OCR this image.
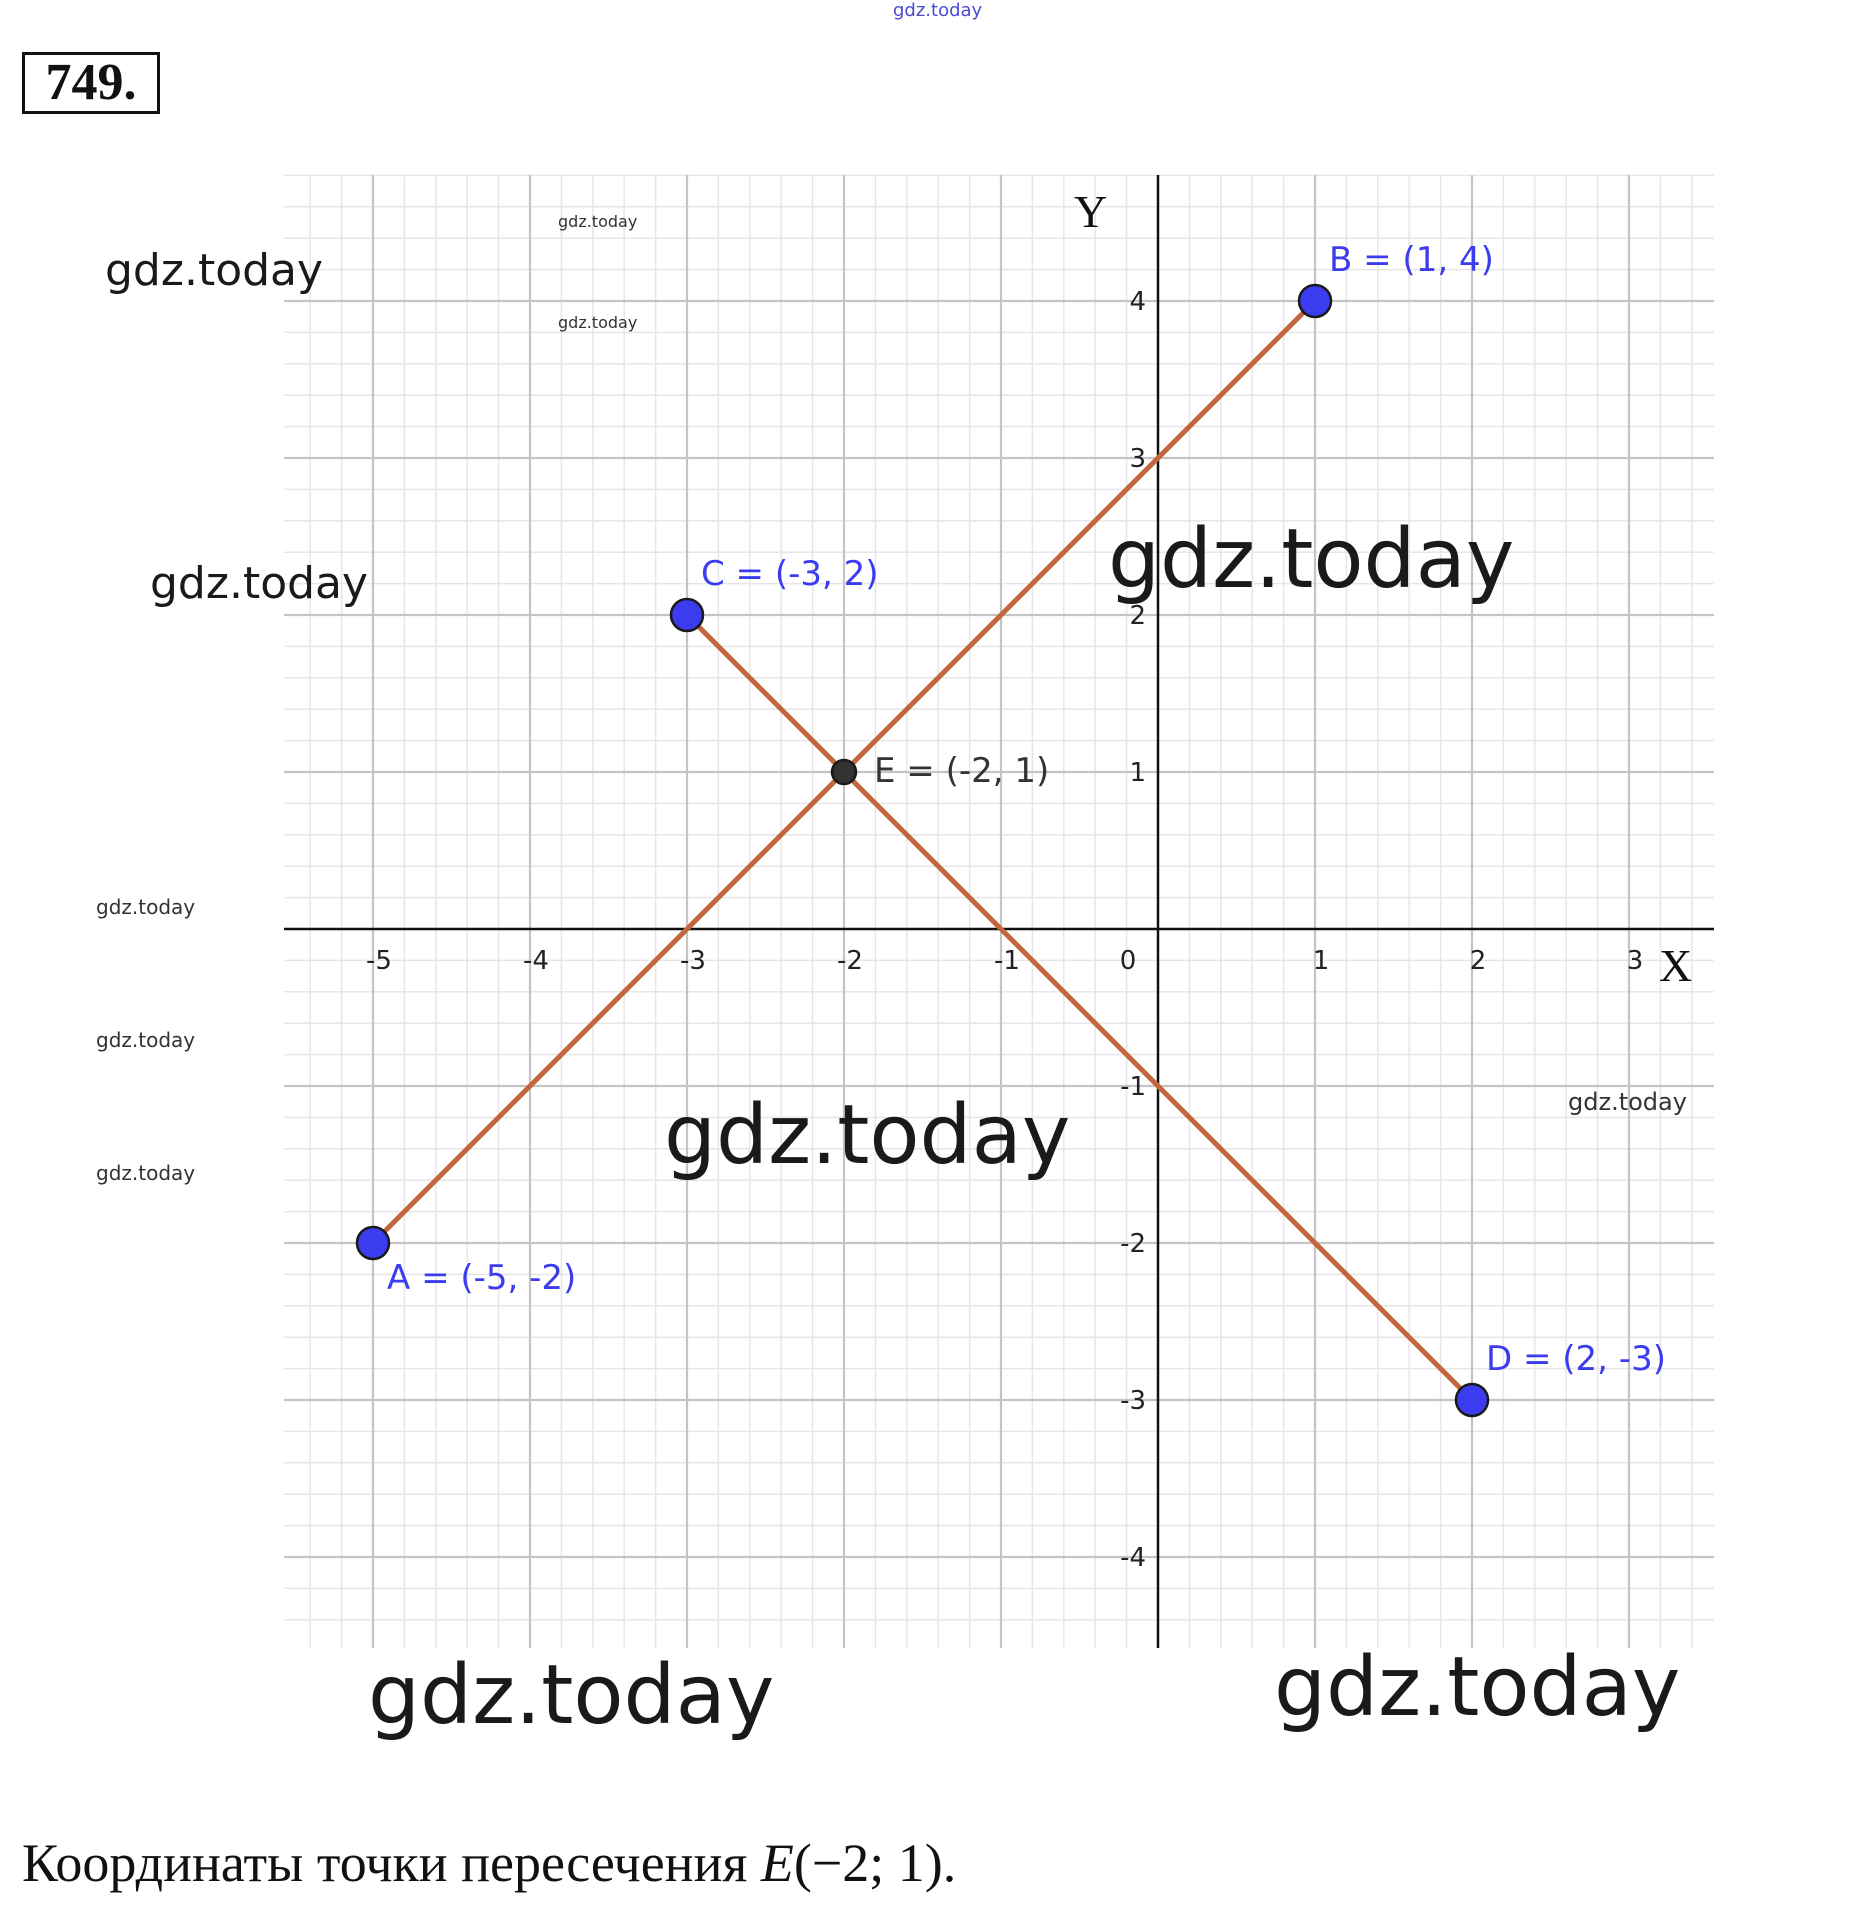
749.
X
Y
-5	-4	-3	-2	-1	0	1	2	3
-4
-3
-2
-1
1
2
3
4
A = (-5, -2)
B = (1, 4)
C = (-3, 2)
D = (2, -3)
E = (-2, 1)
gdz.today
gdz.today
gdz.today
gdz.today
gdz.today
gdz.today
gdz.today
gdz.today
gdz.today
gdz.today
gdz.today
gdz.today	gdz.today
Координаты точки пересечения E(−2; 1).
